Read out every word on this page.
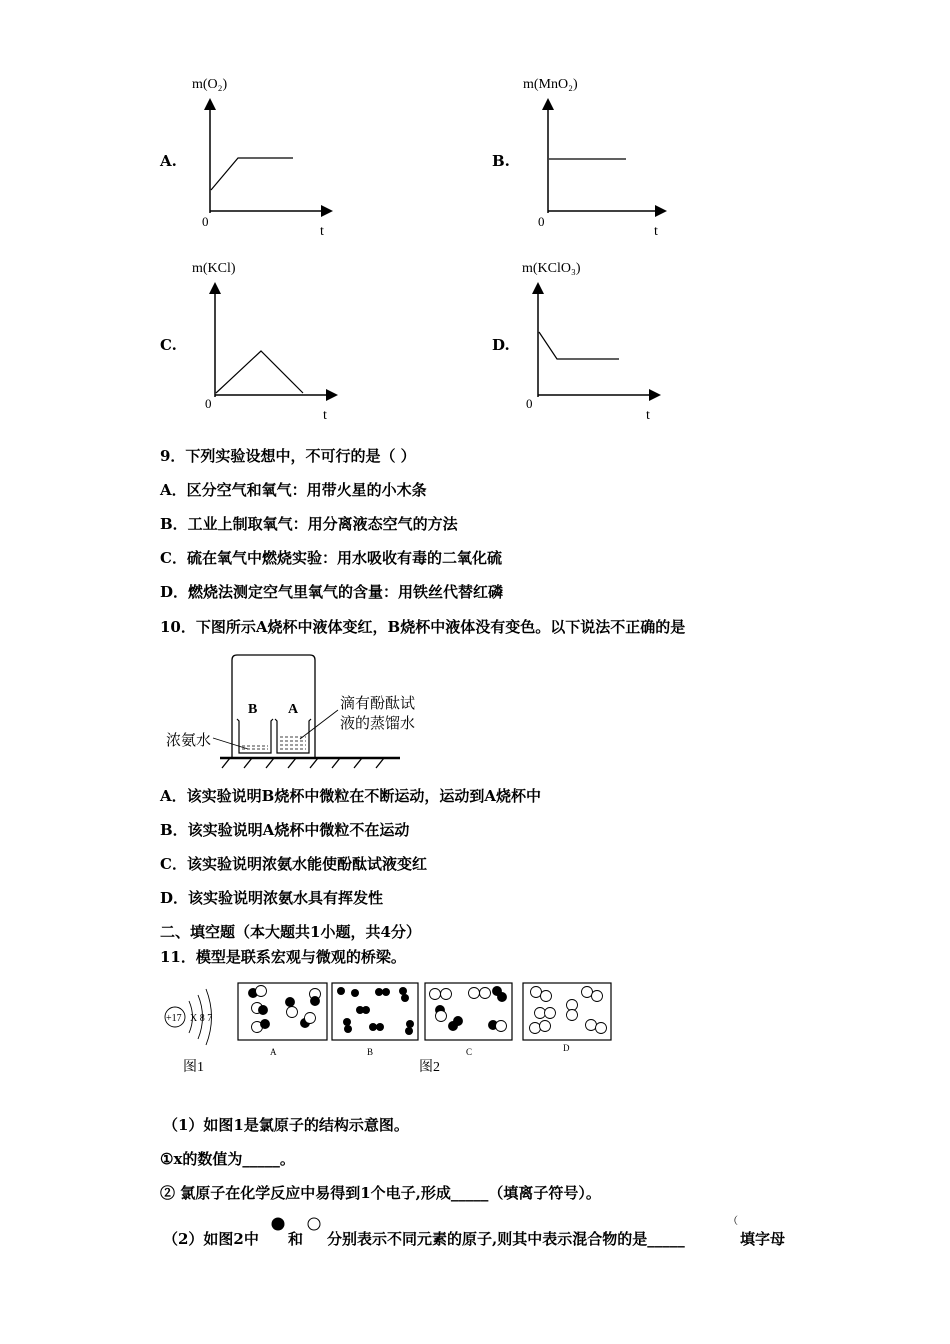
A.
m(O₂)
0
t
B.
m(MnO₂)
0
t
C.
m(KCl)
0
t
D.
m(KClO₃)
0
t
9．下列实验设想中，不可行的是（ ）
A．区分空气和氧气：用带火星的小木条
B．工业上制取氧气：用分离液态空气的方法
C．硫在氧气中燃烧实验：用水吸收有毒的二氧化硫
D．燃烧法测定空气里氧气的含量：用铁丝代替红磷
10．下图所示A烧杯中液体变红，B烧杯中液体没有变色。以下说法不正确的是
B A
浓氨水
滴有酚酞试
液的蒸馏水
A．该实验说明B烧杯中微粒在不断运动，运动到A烧杯中
B．该实验说明A烧杯中微粒不在运动
C．该实验说明浓氨水能使酚酞试液变红
D．该实验说明浓氨水具有挥发性
二、填空题（本大题共1小题，共4分）
11．模型是联系宏观与微观的桥梁。
+17 X 8 7
图1
A	B	C	D
图2
（1）如图1是氯原子的结构示意图。
①x的数值为_____。
② 氯原子在化学反应中易得到1个电子,形成_____（填离子符号）。
（2）如图2中 和 分别表示不同元素的原子,则其中表示混合物的是_____
（
填字母
